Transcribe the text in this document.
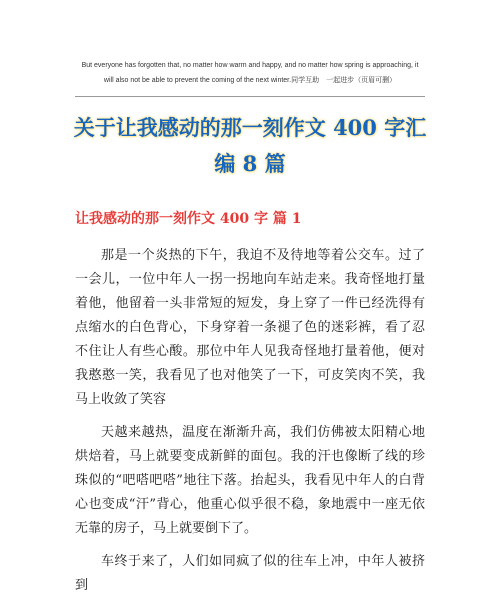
But everyone has forgotten that, no matter how warm and happy, and no matter how spring is approaching, it
will also not be able to prevent the coming of the next winter.同学互助　一起进步（页眉可删）
关于让我感动的那一刻作文 400 字汇编 8 篇
让我感动的那一刻作文 400 字 篇 1

那是一个炎热的下午，我迫不及待地等着公交车。过了一会儿，一位中年人一拐一拐地向车站走来。我奇怪地打量着他，他留着一头非常短的短发，身上穿了一件已经洗得有点缩水的白色背心，下身穿着一条褪了色的迷彩裤，看了忍不住让人有些心酸。那位中年人见我奇怪地打量着他，便对我憨憨一笑，我看见了也对他笑了一下，可皮笑肉不笑，我马上收敛了笑容

天越来越热，温度在渐渐升高，我们仿佛被太阳精心地烘焙着，马上就要变成新鲜的面包。我的汗也像断了线的珍珠似的“吧嗒吧嗒”地往下落。抬起头，我看见中年人的白背心也变成“汗”背心，他重心似乎很不稳，象地震中一座无依无靠的房子，马上就要倒下了。

车终于来了，人们如同疯了似的往车上冲，中年人被挤到
